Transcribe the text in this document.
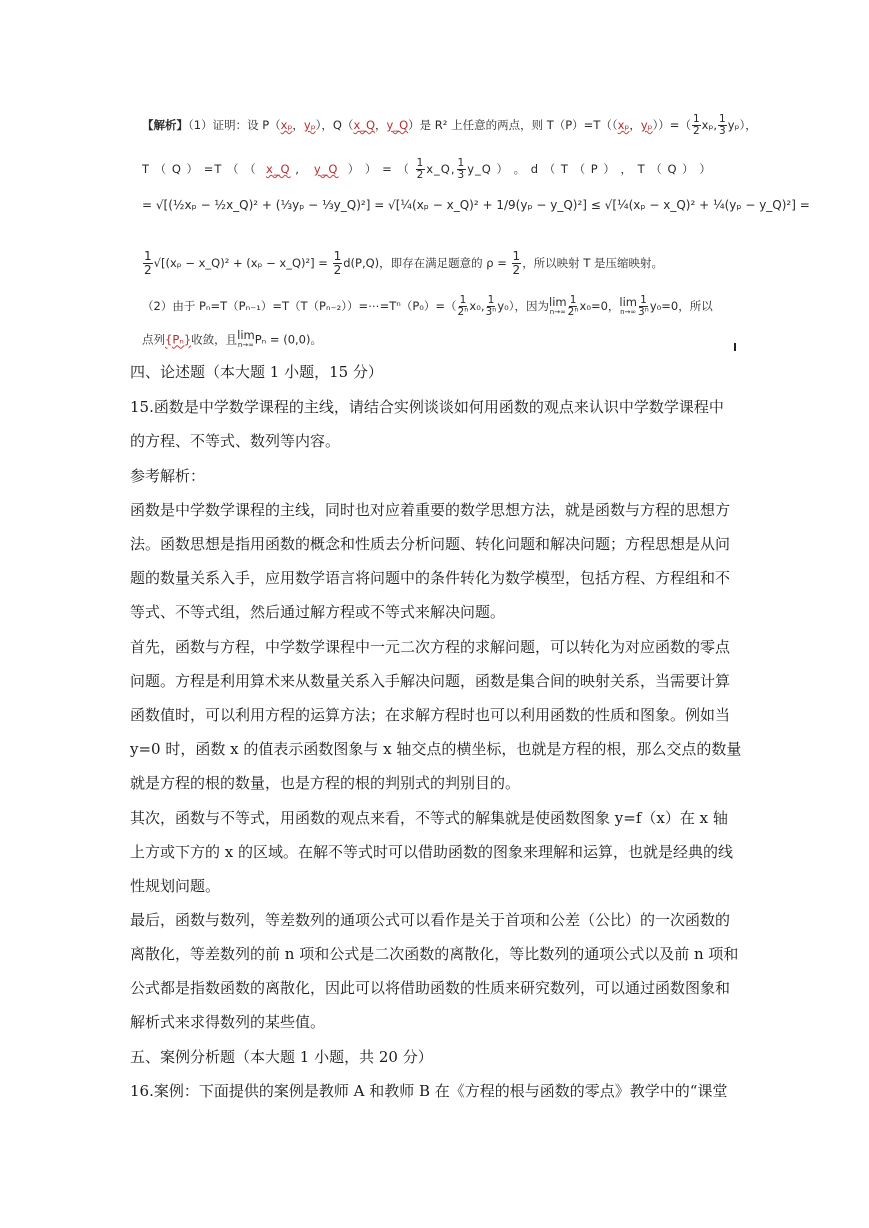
【解析】（1）证明：设 P（xₚ，yₚ），Q（x_Q，y_Q）是 R² 上任意的两点，则 T（P）=T（（xₚ，$y_p))=( \frac{1}{2} x_p$, $\frac{1}{3} y_p$），
T （ Q ） =T （ （ x_Q ,   y_Q ） ） = （ $\frac{1}{2}$ x_Q, $\frac{1}{3}$ y_Q ） 。 d （ T （ P ） ， T （ Q ） ）
= √[(½xₚ − ½x_Q)² + (⅓yₚ − ⅓y_Q)²] = √[¼(xₚ − x_Q)² + 1/9(yₚ − y_Q)²] ≤ √[¼(xₚ − x_Q)² + ¼(yₚ − y_Q)²] =
$\frac{1}{2} √[(x_p$ − x_Q)² + (xₚ − x_Q)²] = $\frac{1}{2} d(P,Q)$，即存在满足题意的 $\rho = \frac{1}{2}$ ，所以映射 T 是压缩映射。
（2）由于 Pₙ=T（Pₙ₋₁）=T（T（Pₙ₋₂））=⋯=Tⁿ（P₀）=（ $\frac{1}{\text{2ⁿ}} x_0$, $\frac{1}{\text{3ⁿ}} y_0$），因为lim
$n\to\infty \frac{1}{\text{2ⁿ}} x_0=0$，lim
$n\to\infty \frac{1}{\text{3ⁿ}} y_0=0$，所以
点列{Pₙ}收敛，且lim
n→∞ Pₙ = (0,0)。
四、论述题（本大题 1 小题，15 分）
15.函数是中学数学课程的主线，请结合实例谈谈如何用函数的观点来认识中学数学课程中
的方程、不等式、数列等内容。
参考解析：
函数是中学数学课程的主线，同时也对应着重要的数学思想方法，就是函数与方程的思想方
法。函数思想是指用函数的概念和性质去分析问题、转化问题和解决问题；方程思想是从问
题的数量关系入手，应用数学语言将问题中的条件转化为数学模型，包括方程、方程组和不
等式、不等式组，然后通过解方程或不等式来解决问题。
首先，函数与方程，中学数学课程中一元二次方程的求解问题，可以转化为对应函数的零点
问题。方程是利用算术来从数量关系入手解决问题，函数是集合间的映射关系，当需要计算
函数值时，可以利用方程的运算方法；在求解方程时也可以利用函数的性质和图象。例如当
y=0 时，函数 x 的值表示函数图象与 x 轴交点的横坐标，也就是方程的根，那么交点的数量
就是方程的根的数量，也是方程的根的判别式的判别目的。
其次，函数与不等式，用函数的观点来看，不等式的解集就是使函数图象 y=f（x）在 x 轴
上方或下方的 x 的区域。在解不等式时可以借助函数的图象来理解和运算，也就是经典的线
性规划问题。
最后，函数与数列，等差数列的通项公式可以看作是关于首项和公差（公比）的一次函数的
离散化，等差数列的前 n 项和公式是二次函数的离散化，等比数列的通项公式以及前 n 项和
公式都是指数函数的离散化，因此可以将借助函数的性质来研究数列，可以通过函数图象和
解析式来求得数列的某些值。
五、案例分析题（本大题 1 小题，共 20 分）
16.案例：下面提供的案例是教师 A 和教师 B 在《方程的根与函数的零点》教学中的“课堂
